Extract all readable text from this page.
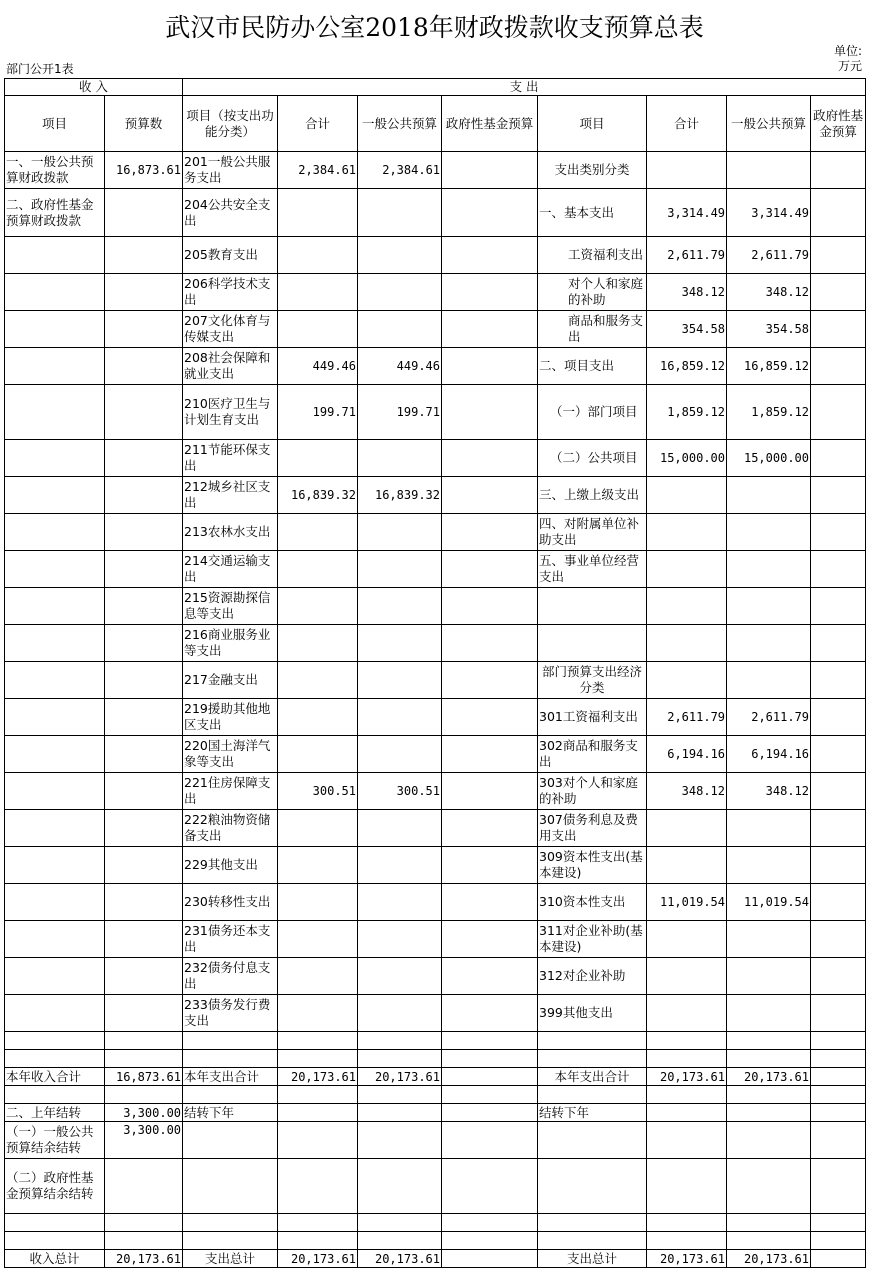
武汉市民防办公室2018年财政拨款收支预算总表
部门公开1表
单位:
万元
收 入		支 出							
项目	预算数	项目（按支出功能分类）	合计	一般公共预算	政府性基金预算	项目	合计	一般公共预算	政府性基金预算
一、一般公共预算财政拨款	16,873.61	201一般公共服务支出	2,384.61	2,384.61		支出类别分类			
二、政府性基金预算财政拨款		204公共安全支出				一、基本支出	3,314.49	3,314.49	
		205教育支出				工资福利支出	2,611.79	2,611.79	
		206科学技术支出				对个人和家庭的补助	348.12	348.12	
		207文化体育与传媒支出				商品和服务支出	354.58	354.58	
		208社会保障和就业支出	449.46	449.46		二、项目支出	16,859.12	16,859.12	
		210医疗卫生与计划生育支出	199.71	199.71		（一）部门项目	1,859.12	1,859.12	
		211节能环保支出				（二）公共项目	15,000.00	15,000.00	
		212城乡社区支出	16,839.32	16,839.32		三、上缴上级支出			
		213农林水支出				四、对附属单位补助支出			
		214交通运输支出				五、事业单位经营支出			
		215资源勘探信息等支出							
		216商业服务业等支出							
		217金融支出				部门预算支出经济分类			
		219援助其他地区支出				301工资福利支出	2,611.79	2,611.79	
		220国土海洋气象等支出				302商品和服务支出	6,194.16	6,194.16	
		221住房保障支出	300.51	300.51		303对个人和家庭的补助	348.12	348.12	
		222粮油物资储备支出				307债务利息及费用支出			
		229其他支出				309资本性支出(基本建设)			
		230转移性支出				310资本性支出	11,019.54	11,019.54	
		231债务还本支出				311对企业补助(基本建设)			
		232债务付息支出				312对企业补助			
		233债务发行费支出				399其他支出			

本年收入合计	16,873.61	本年支出合计	20,173.61	20,173.61		本年支出合计	20,173.61	20,173.61	

二、上年结转	3,300.00	结转下年				结转下年			
（一）一般公共预算结余结转	3,300.00								
（二）政府性基金预算结余结转									

收入总计	20,173.61	支出总计	20,173.61	20,173.61		支出总计	20,173.61	20,173.61	
